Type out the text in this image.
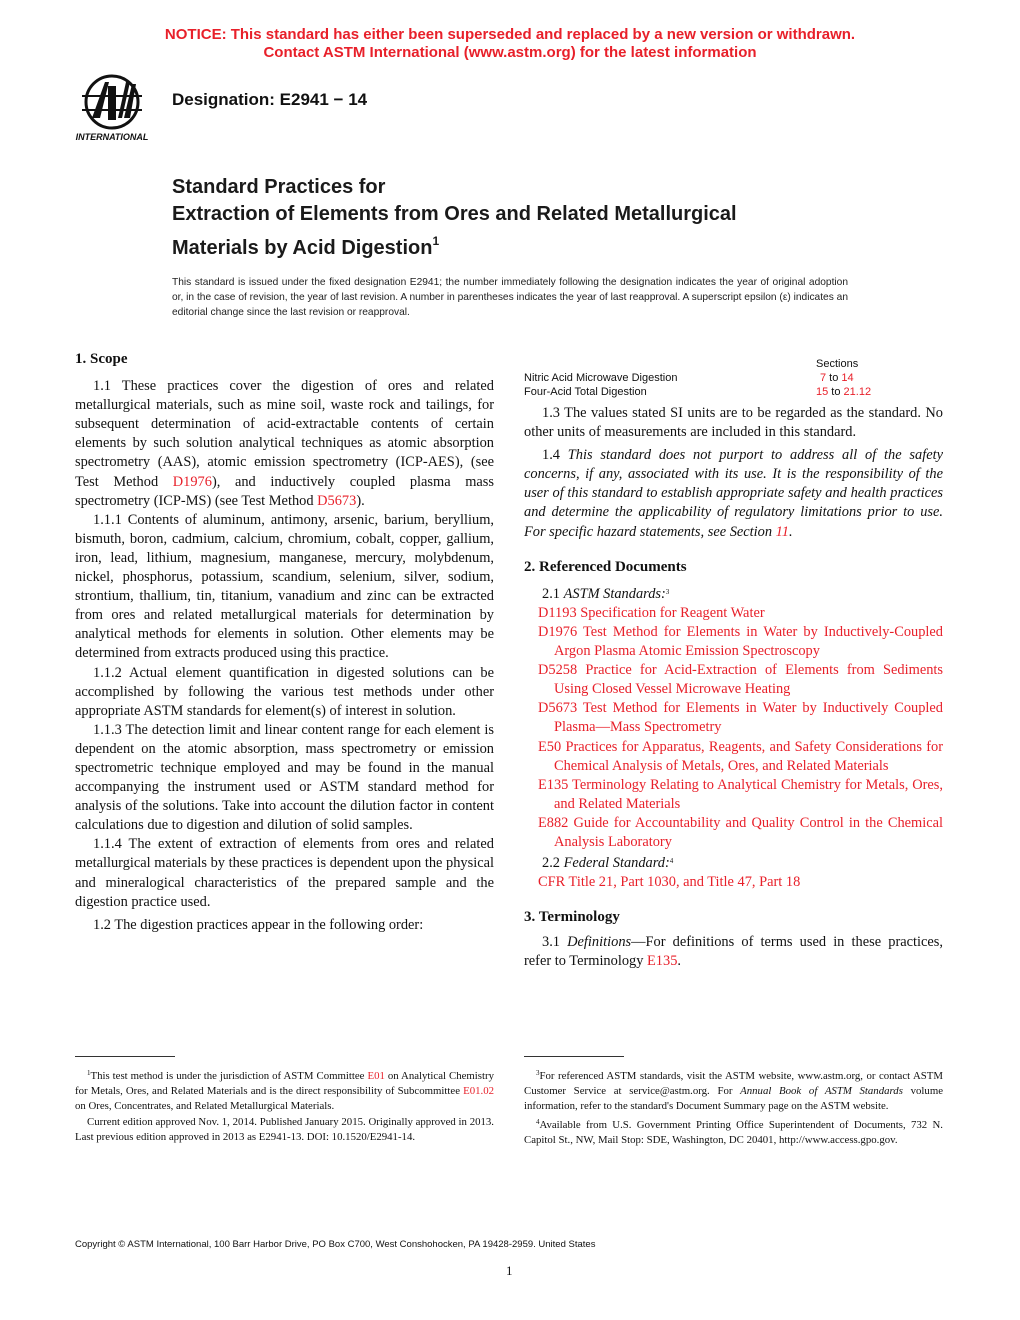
NOTICE: This standard has either been superseded and replaced by a new version or withdrawn.
Contact ASTM International (www.astm.org) for the latest information
INTERNATIONAL
Designation: E2941 − 14
Standard Practices for
Extraction of Elements from Ores and Related Metallurgical
Materials by Acid Digestion$^1$
This standard is issued under the fixed designation E2941; the number immediately following the designation indicates the year of original adoption or, in the case of revision, the year of last revision. A number in parentheses indicates the year of last reapproval. A superscript epsilon (ε) indicates an editorial change since the last revision or reapproval.

1. Scope

1.1 These practices cover the digestion of ores and related metallurgical materials, such as mine soil, waste rock and tailings, for subsequent determination of acid-extractable contents of certain elements by such solution analytical techniques as atomic absorption spectrometry (AAS), atomic emission spectrometry (ICP-AES), (see Test Method D1976), and inductively coupled plasma mass spectrometry (ICP-MS) (see Test Method D5673).

1.1.1 Contents of aluminum, antimony, arsenic, barium, beryllium, bismuth, boron, cadmium, calcium, chromium, cobalt, copper, gallium, iron, lead, lithium, magnesium, manganese, mercury, molybdenum, nickel, phosphorus, potassium, scandium, selenium, silver, sodium, strontium, thallium, tin, titanium, vanadium and zinc can be extracted from ores and related metallurgical materials for determination by analytical methods for elements in solution. Other elements may be determined from extracts produced using this practice.

1.1.2 Actual element quantification in digested solutions can be accomplished by following the various test methods under other appropriate ASTM standards for element(s) of interest in solution.

1.1.3 The detection limit and linear content range for each element is dependent on the atomic absorption, mass spectrometry or emission spectrometric technique employed and may be found in the manual accompanying the instrument used or ASTM standard method for analysis of the solutions. Take into account the dilution factor in content calculations due to digestion and dilution of solid samples.

1.1.4 The extent of extraction of elements from ores and related metallurgical materials by these practices is dependent upon the physical and mineralogical characteristics of the prepared sample and the digestion practice used.

1.2 The digestion practices appear in the following order:

Sections
Nitric Acid Microwave Digestion	7 to 14
Four-Acid Total Digestion	15 to 21.12

1.3 The values stated SI units are to be regarded as the standard. No other units of measurements are included in this standard.

1.4 This standard does not purport to address all of the safety concerns, if any, associated with its use. It is the responsibility of the user of this standard to establish appropriate safety and health practices and determine the applicability of regulatory limitations prior to use. For specific hazard statements, see Section 11.

2. Referenced Documents

2.1 ASTM Standards:$^3$

D1193 Specification for Reagent Water

D1976 Test Method for Elements in Water by Inductively-Coupled Argon Plasma Atomic Emission Spectroscopy

D5258 Practice for Acid-Extraction of Elements from Sediments Using Closed Vessel Microwave Heating

D5673 Test Method for Elements in Water by Inductively Coupled Plasma—Mass Spectrometry

E50 Practices for Apparatus, Reagents, and Safety Considerations for Chemical Analysis of Metals, Ores, and Related Materials

E135 Terminology Relating to Analytical Chemistry for Metals, Ores, and Related Materials

E882 Guide for Accountability and Quality Control in the Chemical Analysis Laboratory

2.2 Federal Standard:$^4$

CFR Title 21, Part 1030, and Title 47, Part 18

3. Terminology

3.1 Definitions—For definitions of terms used in these practices, refer to Terminology E135.

$^1$This test method is under the jurisdiction of ASTM Committee E01 on Analytical Chemistry for Metals, Ores, and Related Materials and is the direct responsibility of Subcommittee E01.02 on Ores, Concentrates, and Related Metallurgical Materials.

Current edition approved Nov. 1, 2014. Published January 2015. Originally approved in 2013. Last previous edition approved in 2013 as E2941-13. DOI: 10.1520/E2941-14.

$^3$For referenced ASTM standards, visit the ASTM website, www.astm.org, or contact ASTM Customer Service at service@astm.org. For Annual Book of ASTM Standards volume information, refer to the standard's Document Summary page on the ASTM website.

$^4$Available from U.S. Government Printing Office Superintendent of Documents, 732 N. Capitol St., NW, Mail Stop: SDE, Washington, DC 20401, http://www.access.gpo.gov.

Copyright © ASTM International, 100 Barr Harbor Drive, PO Box C700, West Conshohocken, PA 19428-2959. United States
1
